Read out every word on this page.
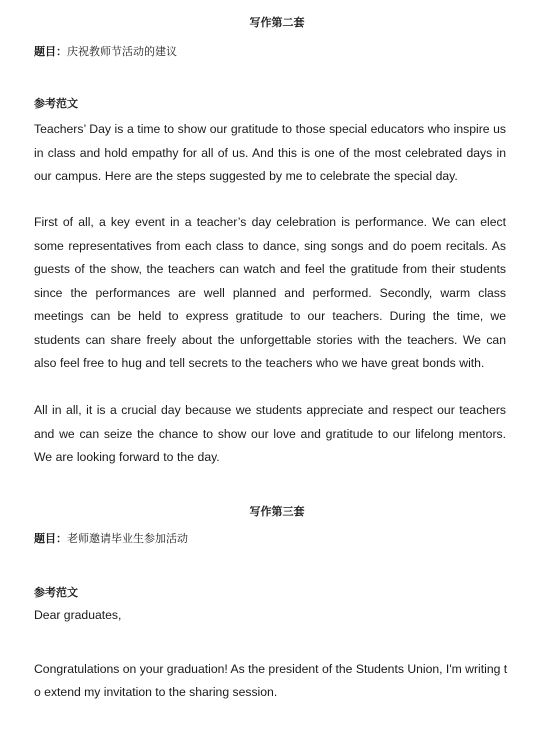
写作第二套
题目：庆祝教师节活动的建议
参考范文
Teachers’ Day is a time to show our gratitude to those special educators who inspire us in class and hold empathy for all of us. And this is one of the most celebrated days in our campus. Here are the steps suggested by me to celebrate the special day.
First of all, a key event in a teacher’s day celebration is performance. We can elect some representatives from each class to dance, sing songs and do poem recitals. As guests of the show, the teachers can watch and feel the gratitude from their students since the performances are well planned and performed. Secondly, warm class meetings can be held to express gratitude to our teachers. During the time, we students can share freely about the unforgettable stories with the teachers. We can also feel free to hug and tell secrets to the teachers who we have great bonds with.
All in all, it is a crucial day because we students appreciate and respect our teachers and we can seize the chance to show our love and gratitude to our lifelong mentors. We are looking forward to the day.
写作第三套
题目：老师邀请毕业生参加活动
参考范文
Dear graduates,
Congratulations on your graduation! As the president of the Students Union, I'm writing t
o extend my invitation to the sharing session.
